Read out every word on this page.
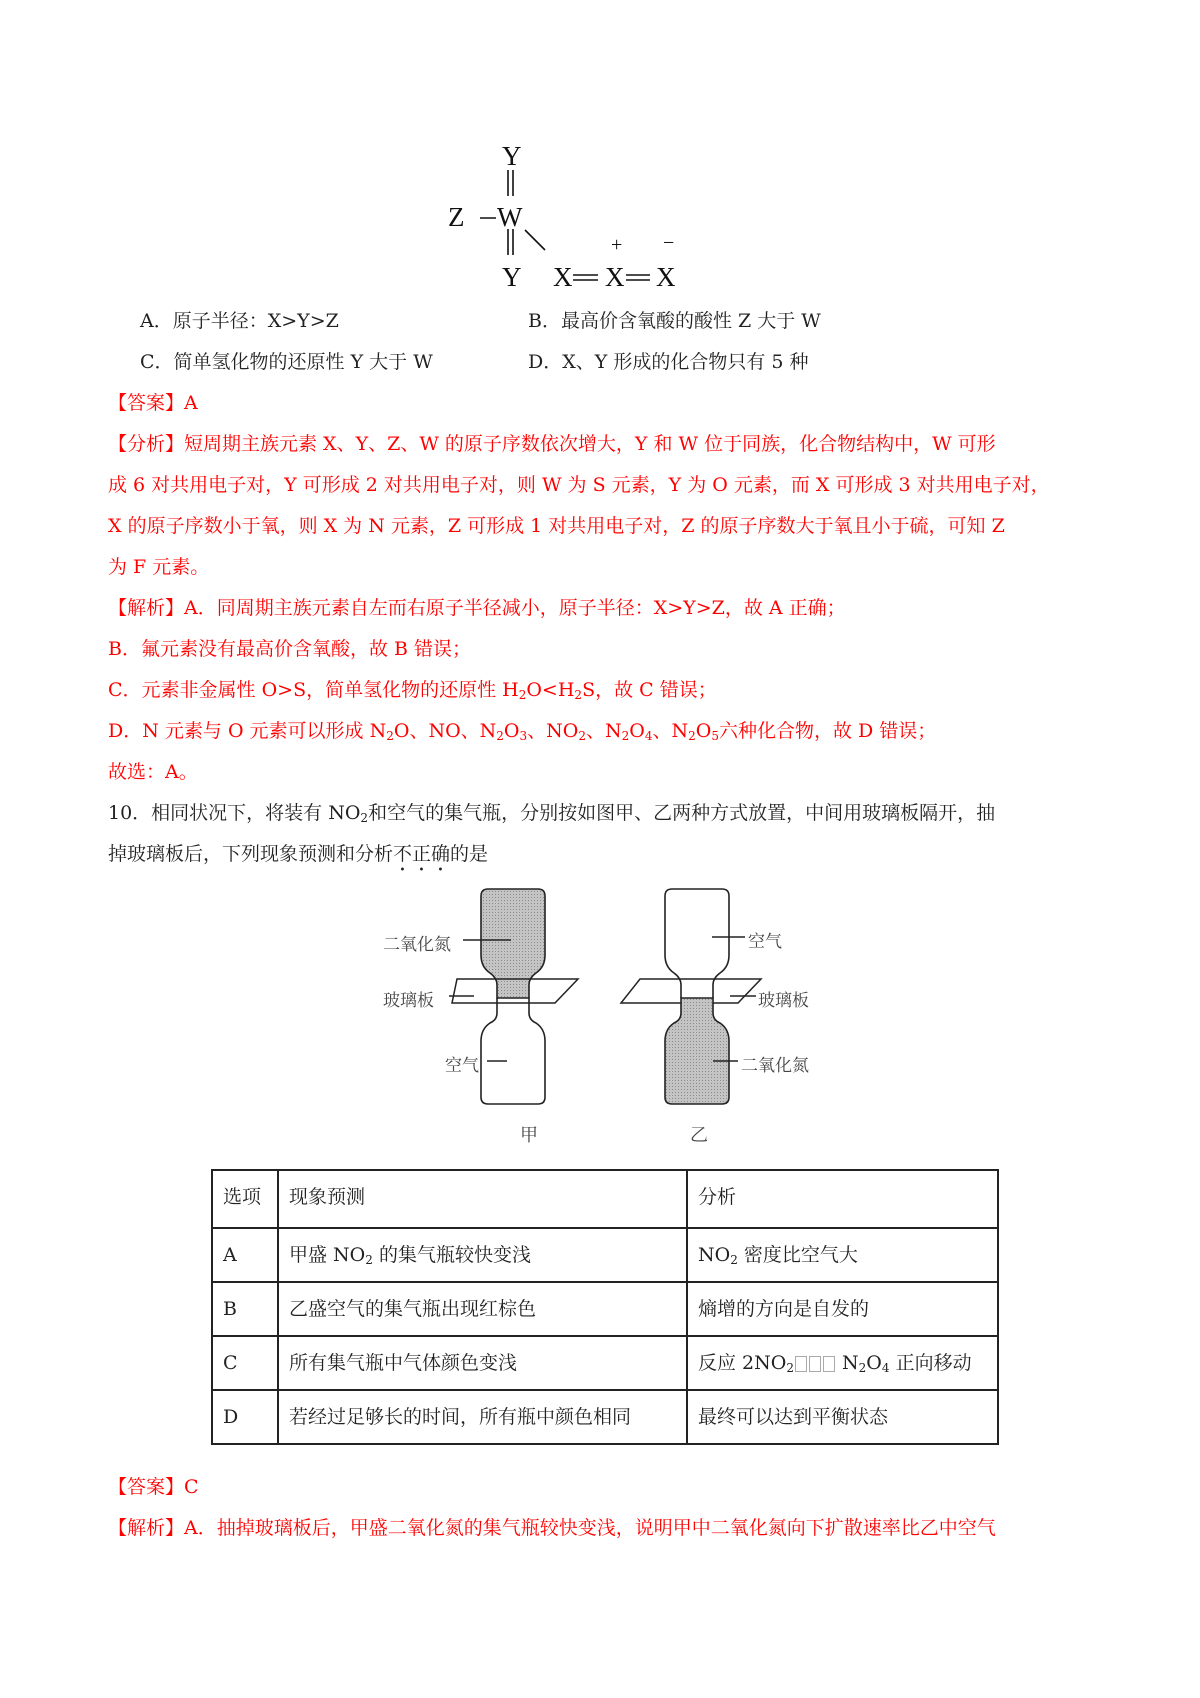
Y
Z W
Y X X X
+ −
A．原子半径：X>Y>Z	B．最高价含氧酸的酸性 Z 大于 W
C．简单氢化物的还原性 Y 大于 W	D．X、Y 形成的化合物只有 5 种
【答案】A
【分析】短周期主族元素 X、Y、Z、W 的原子序数依次增大，Y 和 W 位于同族，化合物结构中，W 可形
成 6 对共用电子对，Y 可形成 2 对共用电子对，则 W 为 S 元素，Y 为 O 元素，而 X 可形成 3 对共用电子对，
X 的原子序数小于氧，则 X 为 N 元素，Z 可形成 1 对共用电子对，Z 的原子序数大于氧且小于硫，可知 Z
为 F 元素。
【解析】A．同周期主族元素自左而右原子半径减小，原子半径：X>Y>Z，故 A 正确；
B．氟元素没有最高价含氧酸，故 B 错误；
C．元素非金属性 O>S，简单氢化物的还原性 $H_2O<H_2S$，故 C 错误；
D．N 元素与 O 元素可以形成 $N_2O$、NO、$N_2O_3$、$NO_2$、$N_2O_4$、$N_2O_5$六种化合物，故 D 错误；
故选：A。
10．相同状况下，将装有 $NO_2$和空气的集气瓶，分别按如图甲、乙两种方式放置，中间用玻璃板隔开，抽
掉玻璃板后，下列现象预测和分析不正确的是
二氧化氮
玻璃板
空气
甲
空气
玻璃板
二氧化氮
乙
选项	现象预测	分析
A	甲盛 $NO_2$ 的集气瓶较快变浅	$NO_2$ 密度比空气大
B	乙盛空气的集气瓶出现红棕色	熵增的方向是自发的
C	所有集气瓶中气体颜色变浅	反应 $2NO_2$ $N_2O_4$ 正向移动
D	若经过足够长的时间，所有瓶中颜色相同	最终可以达到平衡状态
【答案】C
【解析】A．抽掉玻璃板后，甲盛二氧化氮的集气瓶较快变浅，说明甲中二氧化氮向下扩散速率比乙中空气
